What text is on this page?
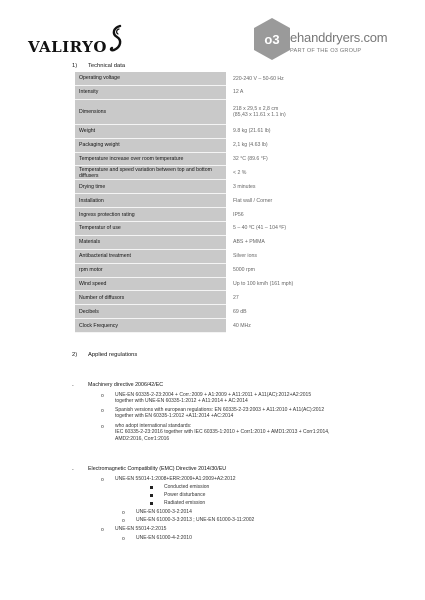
VALIRYO	o3 ehanddryers.com
PART OF THE O3 GROUP
1) Technical data
Operating voltage	220-240 V – 50-60 Hz
Intensity	12 A
Dimensions	218 x 29,5 x 2,8 cm
(85,43 x 11.61 x 1.1 in)

Weight	9.8 kg (21.61 lb)
Packaging weight	2,1 kg (4.63 lb)
Temperature increase over room temperature	32 °C (89.6 °F)
Temperature and speed variation between top and bottom diffusers	< 2 %
Drying time	3 minutes
Installation	Flat wall / Corner
Ingress protection rating	IP56
Temperatur of use	5 – 40 ºC (41 – 104 ºF)
Materials	ABS + PMMA
Antibacterial treatment	Silver ions
rpm motor	5000 rpm
Wind speed	Up to 100 km/h (161 mph)
Number of diffusors	27
Decibels	69 dB
Clock Frequency	40 MHz
2) Applied regulations
-	Machinery directive 2006/42/EC
o UNE-EN 60335-2-23:2004 + Corr.:2009 + A1:2009 + A11:2011 + A11(AC):2012+A2:2015
together with UNE-EN 60335-1:2012 + A11:2014 + AC:2014
o Spanish versions with european regulations: EN 60335-2-23:2003 + A11:2010 + A11(AC):2012
together with EN 60335-1:2012 +A11:2014 +AC:2014
o who adopt international standards:
IEC 60335-2-23:2016 together with IEC 60335-1:2010 + Corr1:2010 + AMD1:2013 + Corr1:2014,
AMD2:2016, Corr1:2016
-	Electromagnetic Compatibility (EMC) Directive 2014/30/EU
o UNE-EN 55014-1:2008+ERR:2009+A1:2009+A2:2012
Conducted emission
Power disturbance
Radiated emission
o UNE-EN 61000-3-2:2014
o UNE-EN 61000-3-3:2013 ; UNE-EN 61000-3-11:2002
o UNE-EN 55014-2:2015
o UNE-EN 61000-4-2:2010
